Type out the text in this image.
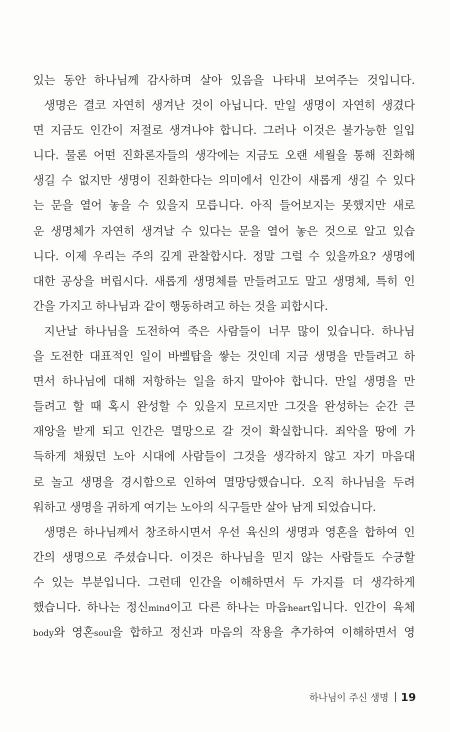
있는 동안 하나님께 감사하며 살아 있음을 나타내 보여주는 것입니다.
생명은 결코 자연히 생겨난 것이 아닙니다. 만일 생명이 자연히 생겼다
면 지금도 인간이 저절로 생겨나야 합니다. 그러나 이것은 불가능한 일입
니다. 물론 어떤 진화론자들의 생각에는 지금도 오랜 세월을 통해 진화해
생길 수 없지만 생명이 진화한다는 의미에서 인간이 새롭게 생길 수 있다
는 문을 열어 놓을 수 있을지 모릅니다. 아직 들어보지는 못했지만 새로
운 생명체가 자연히 생겨날 수 있다는 문을 열어 놓은 것으로 알고 있습
니다. 이제 우리는 주의 깊게 관찰합시다. 정말 그럴 수 있을까요? 생명에
대한 공상을 버립시다. 새롭게 생명체를 만들려고도 말고 생명체, 특히 인
간을 가지고 하나님과 같이 행동하려고 하는 것을 피합시다.
지난날 하나님을 도전하여 죽은 사람들이 너무 많이 있습니다. 하나님
을 도전한 대표적인 일이 바벨탑을 쌓는 것인데 지금 생명을 만들려고 하
면서 하나님에 대해 저항하는 일을 하지 말아야 합니다. 만일 생명을 만
들려고 할 때 혹시 완성할 수 있을지 모르지만 그것을 완성하는 순간 큰
재앙을 받게 되고 인간은 멸망으로 갈 것이 확실합니다. 죄악을 땅에 가
득하게 채웠던 노아 시대에 사람들이 그것을 생각하지 않고 자기 마음대
로 놀고 생명을 경시함으로 인하여 멸망당했습니다. 오직 하나님을 두려
워하고 생명을 귀하게 여기는 노아의 식구들만 살아 남게 되었습니다.
생명은 하나님께서 창조하시면서 우선 육신의 생명과 영혼을 합하여 인
간의 생명으로 주셨습니다. 이것은 하나님을 믿지 않는 사람들도 수긍할
수 있는 부분입니다. 그런데 인간을 이해하면서 두 가지를 더 생각하게
했습니다. 하나는 정신mind이고 다른 하나는 마음heart입니다. 인간이 육체
body와 영혼soul을 합하고 정신과 마음의 작용을 추가하여 이해하면서 영
하나님이 주신 생명 19
